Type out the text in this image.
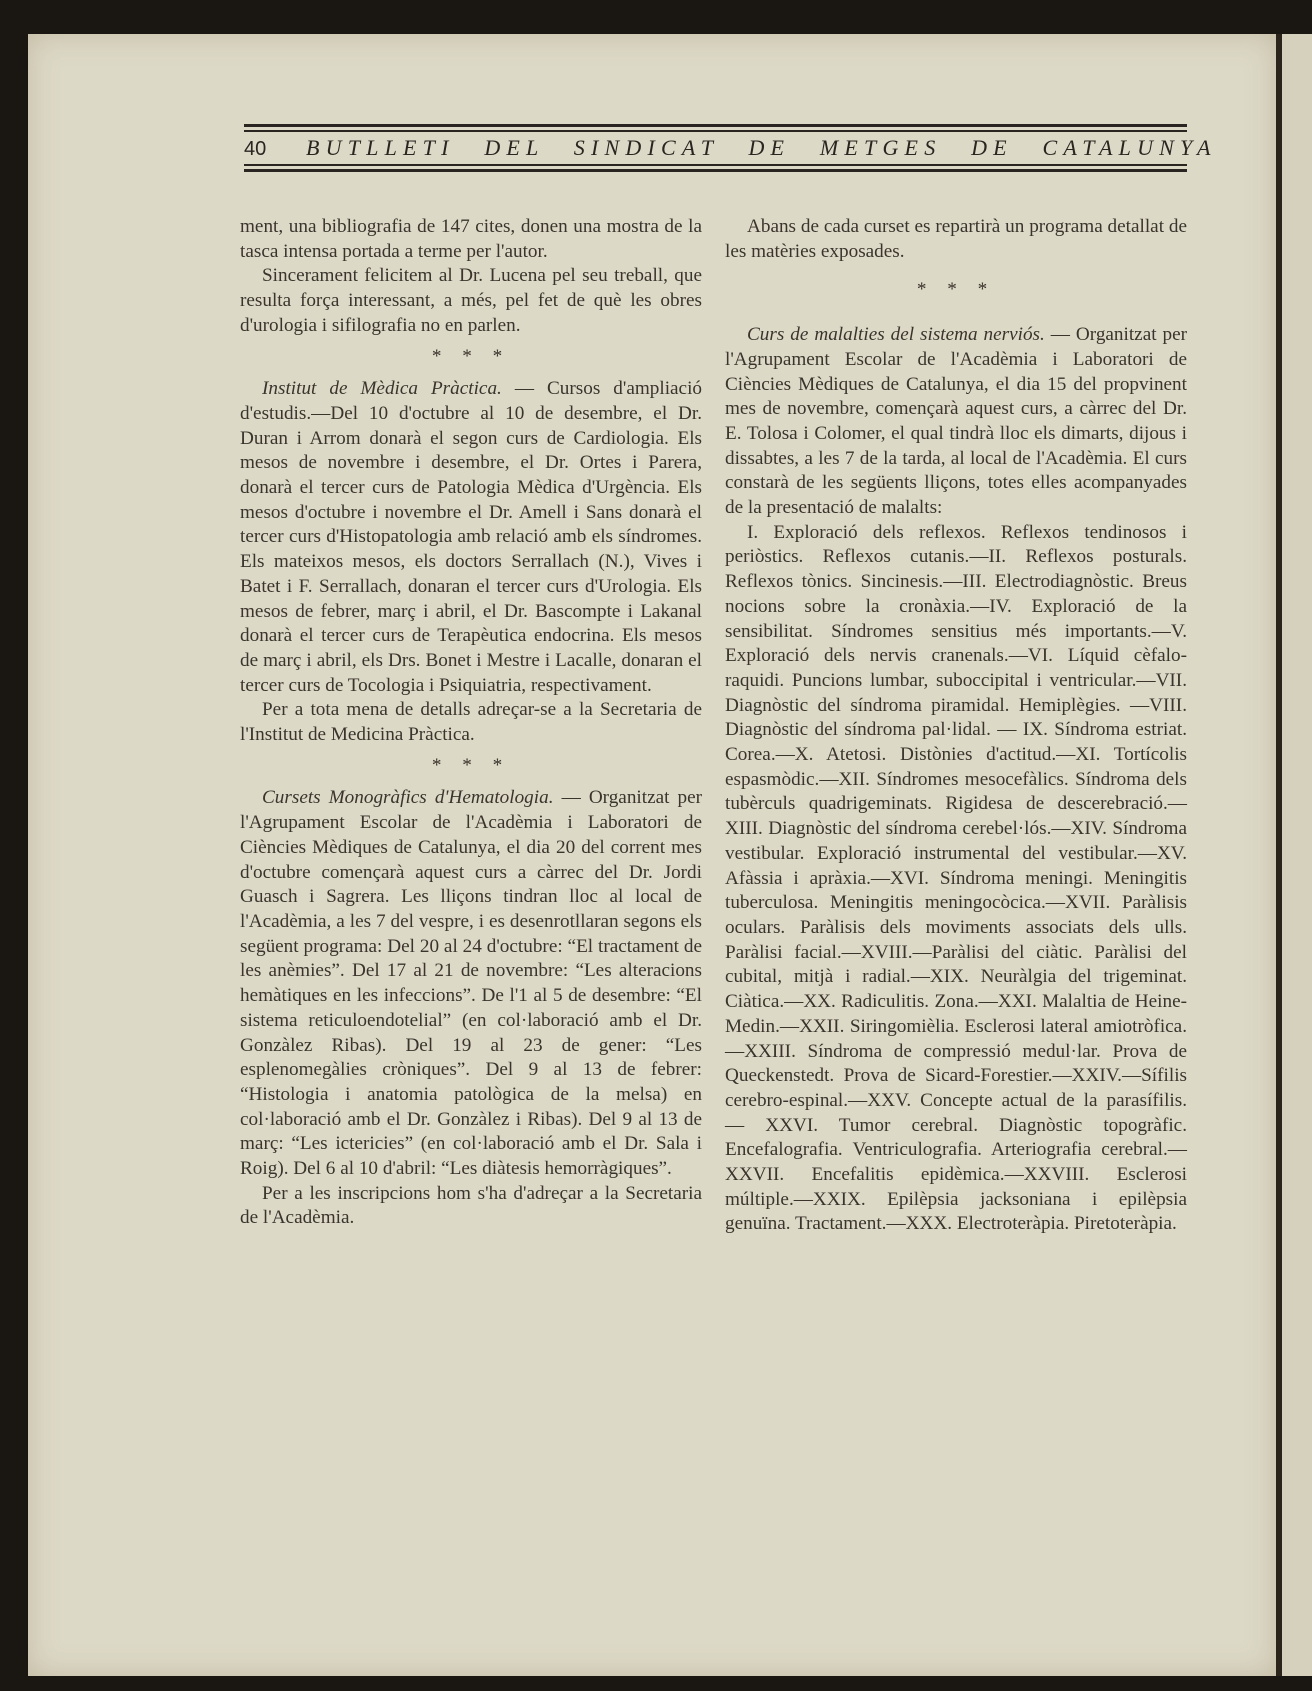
40 BUTLLETI DEL SINDICAT DE METGES DE CATALUNYA

ment, una bibliografia de 147 cites, donen una mostra de la tasca intensa portada a terme per l'autor.

Sincerament felicitem al Dr. Lucena pel seu treball, que resulta força interessant, a més, pel fet de què les obres d'urologia i sifilografia no en parlen.

* * *

Institut de Mèdica Pràctica. — Cursos d'ampliació d'estudis.—Del 10 d'octubre al 10 de desembre, el Dr. Duran i Arrom donarà el segon curs de Cardiologia. Els mesos de novembre i desembre, el Dr. Ortes i Parera, donarà el tercer curs de Patologia Mèdica d'Urgència. Els mesos d'octubre i novembre el Dr. Amell i Sans donarà el tercer curs d'Histopatologia amb relació amb els síndromes. Els mateixos mesos, els doctors Serrallach (N.), Vives i Batet i F. Serrallach, donaran el tercer curs d'Urologia. Els mesos de febrer, març i abril, el Dr. Bascompte i Lakanal donarà el tercer curs de Terapèutica endocrina. Els mesos de març i abril, els Drs. Bonet i Mestre i Lacalle, donaran el tercer curs de Tocologia i Psiquiatria, respectivament.

Per a tota mena de detalls adreçar-se a la Secretaria de l'Institut de Medicina Pràctica.

* * *

Cursets Monogràfics d'Hematologia. — Organitzat per l'Agrupament Escolar de l'Acadèmia i Laboratori de Ciències Mèdiques de Catalunya, el dia 20 del corrent mes d'octubre començarà aquest curs a càrrec del Dr. Jordi Guasch i Sagrera. Les lliçons tindran lloc al local de l'Acadèmia, a les 7 del vespre, i es desenrotllaran segons els següent programa: Del 20 al 24 d'octubre: “El tractament de les anèmies”. Del 17 al 21 de novembre: “Les alteracions hemàtiques en les infeccions”. De l'1 al 5 de desembre: “El sistema reticuloendotelial” (en col·laboració amb el Dr. Gonzàlez Ribas). Del 19 al 23 de gener: “Les esplenomegàlies cròniques”. Del 9 al 13 de febrer: “Histologia i anatomia patològica de la melsa) en col·laboració amb el Dr. Gonzàlez i Ribas). Del 9 al 13 de març: “Les ictericies” (en col·laboració amb el Dr. Sala i Roig). Del 6 al 10 d'abril: “Les diàtesis hemorràgiques”.

Per a les inscripcions hom s'ha d'adreçar a la Secretaria de l'Acadèmia.

Abans de cada curset es repartirà un programa detallat de les matèries exposades.

* * *

Curs de malalties del sistema nerviós. — Organitzat per l'Agrupament Escolar de l'Acadèmia i Laboratori de Ciències Mèdiques de Catalunya, el dia 15 del propvinent mes de novembre, començarà aquest curs, a càrrec del Dr. E. Tolosa i Colomer, el qual tindrà lloc els dimarts, dijous i dissabtes, a les 7 de la tarda, al local de l'Acadèmia. El curs constarà de les següents lliçons, totes elles acompanyades de la presentació de malalts:

I. Exploració dels reflexos. Reflexos tendinosos i periòstics. Reflexos cutanis.—II. Reflexos posturals. Reflexos tònics. Sincinesis.—III. Electrodiagnòstic. Breus nocions sobre la cronàxia.—IV. Exploració de la sensibilitat. Síndromes sensitius més importants.—V. Exploració dels nervis cranenals.—VI. Líquid cèfalo-raquidi. Puncions lumbar, suboccipital i ventricular.—VII. Diagnòstic del síndroma piramidal. Hemiplègies. —VIII. Diagnòstic del síndroma pal·lidal. — IX. Síndroma estriat. Corea.—X. Atetosi. Distònies d'actitud.—XI. Tortícolis espasmòdic.—XII. Síndromes mesocefàlics. Síndroma dels tubèrculs quadrigeminats. Rigidesa de descerebració.—XIII. Diagnòstic del síndroma cerebel·lós.—XIV. Síndroma vestibular. Exploració instrumental del vestibular.—XV. Afàssia i apràxia.—XVI. Síndroma meningi. Meningitis tuberculosa. Meningitis meningocòcica.—XVII. Paràlisis oculars. Paràlisis dels moviments associats dels ulls. Paràlisi facial.—XVIII.—Paràlisi del ciàtic. Paràlisi del cubital, mitjà i radial.—XIX. Neuràlgia del trigeminat. Ciàtica.—XX. Radiculitis. Zona.—XXI. Malaltia de Heine-Medin.—XXII. Siringomièlia. Esclerosi lateral amiotròfica.—XXIII. Síndroma de compressió medul·lar. Prova de Queckenstedt. Prova de Sicard-Forestier.—XXIV.—Sífilis cerebro-espinal.—XXV. Concepte actual de la parasífilis. — XXVI. Tumor cerebral. Diagnòstic topogràfic. Encefalografia. Ventriculografia. Arteriografia cerebral.—XXVII. Encefalitis epidèmica.—XXVIII. Esclerosi múltiple.—XXIX. Epilèpsia jacksoniana i epilèpsia genuïna. Tractament.—XXX. Electroteràpia. Piretoteràpia.
